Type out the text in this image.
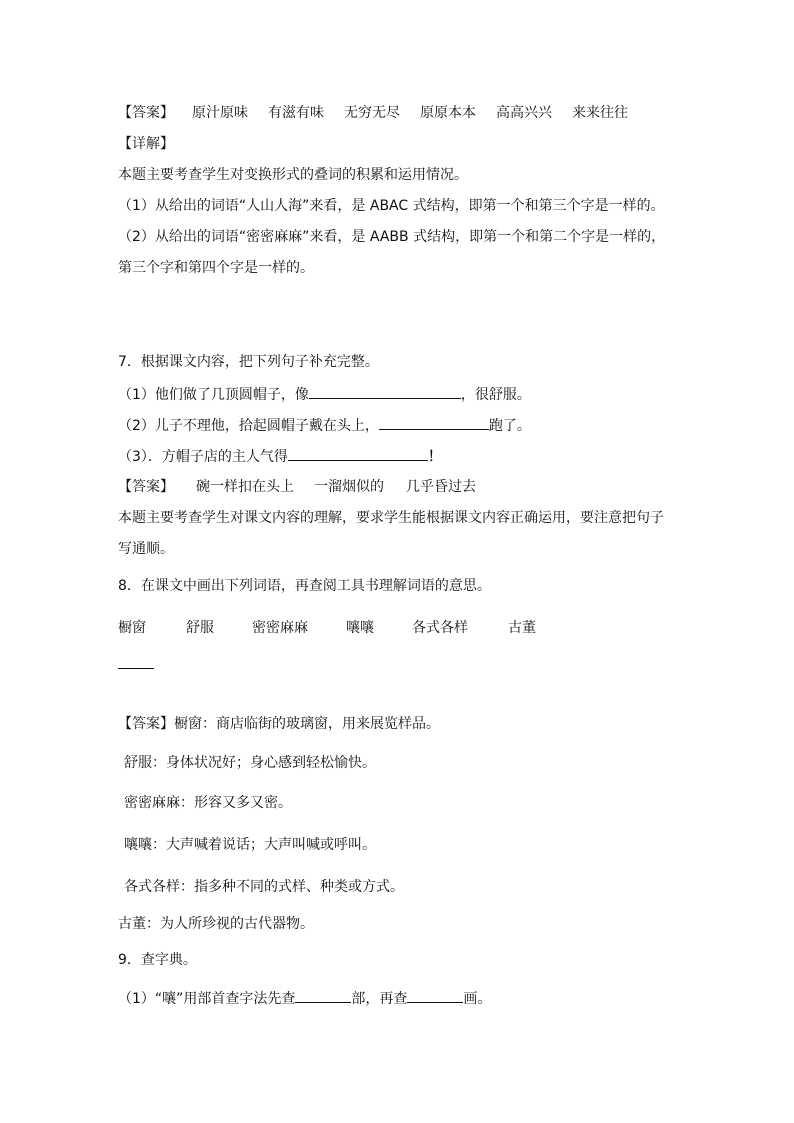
【答案】 原汁原味 有滋有味 无穷无尽 原原本本 高高兴兴 来来往往
【详解】
本题主要考查学生对变换形式的叠词的积累和运用情况。
（1）从给出的词语“人山人海”来看，是 ABAC 式结构，即第一个和第三个字是一样的。
（2）从给出的词语“密密麻麻”来看，是 AABB 式结构，即第一个和第二个字是一样的，
第三个字和第四个字是一样的。
7．根据课文内容，把下列句子补充完整。
（1）他们做了几顶圆帽子，像	，很舒服。
（2）儿子不理他，拾起圆帽子戴在头上，	跑了。
（3）．方帽子店的主人气得	！
【答案】 碗一样扣在头上 一溜烟似的 几乎昏过去
本题主要考查学生对课文内容的理解，要求学生能根据课文内容正确运用，要注意把句子
写通顺。
8．在课文中画出下列词语，再查阅工具书理解词语的意思。
橱窗	舒服	密密麻麻	嚷嚷	各式各样	古董
【答案】橱窗：商店临街的玻璃窗，用来展览样品。
舒服：身体状况好；身心感到轻松愉快。
密密麻麻：形容又多又密。
嚷嚷：大声喊着说话；大声叫喊或呼叫。
各式各样：指多种不同的式样、种类或方式。
古董：为人所珍视的古代器物。
9．查字典。
（1）“嚷”用部首查字法先查	部，再查	画。
